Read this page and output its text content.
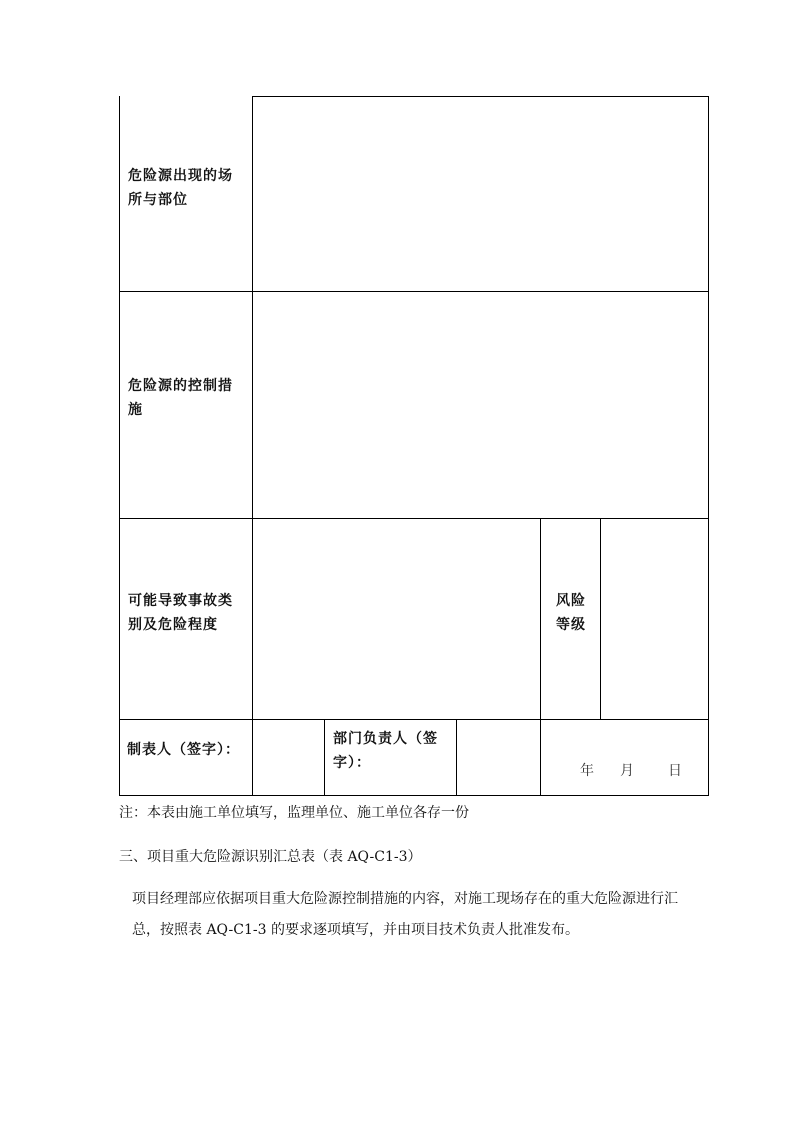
危险源出现的场所与部位
危险源的控制措施
可能导致事故类别及危险程度
风险等级
制表人（签字）：
部门负责人（签字）：	年 月 日
注：本表由施工单位填写，监理单位、施工单位各存一份
三、项目重大危险源识别汇总表（表 AQ-C1-3）
项目经理部应依据项目重大危险源控制措施的内容，对施工现场存在的重大危险源进行汇总，按照表 AQ-C1-3 的要求逐项填写，并由项目技术负责人批准发布。
